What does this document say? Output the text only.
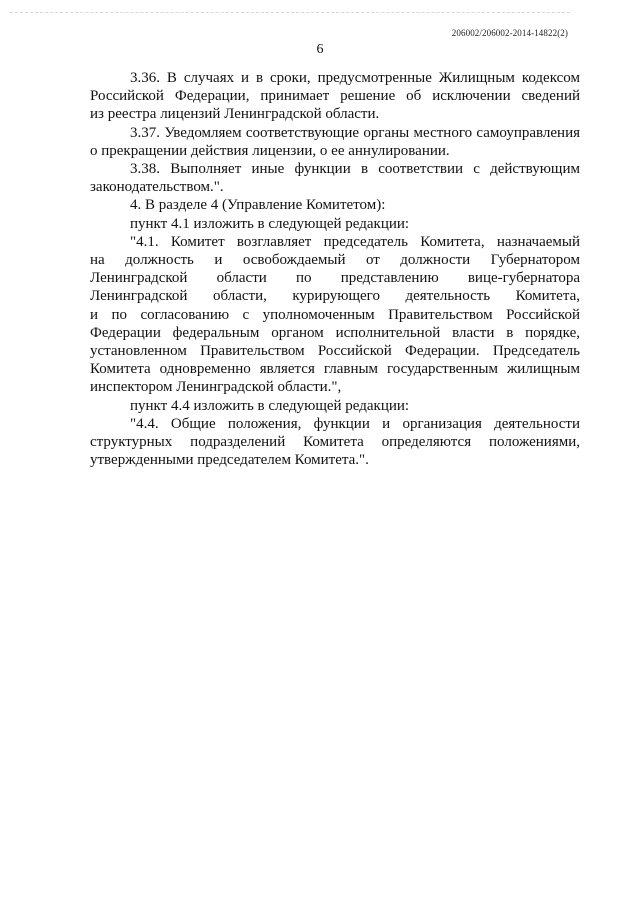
206002/206002-2014-14822(2)
6

3.36. В случаях и в сроки, предусмотренные Жилищным кодексом

Российской Федерации, принимает решение об исключении сведений

из реестра лицензий Ленинградской области.

3.37. Уведомляем соответствующие органы местного самоуправления

о прекращении действия лицензии, о ее аннулировании.

3.38. Выполняет иные функции в соответствии с действующим

законодательством.".

4. В разделе 4 (Управление Комитетом):

пункт 4.1 изложить в следующей редакции:

"4.1. Комитет возглавляет председатель Комитета, назначаемый
на должность и освобождаемый от должности Губернатором
Ленинградской области по представлению вице-губернатора
Ленинградской области, курирующего деятельность Комитета,
и по согласованию с уполномоченным Правительством Российской
Федерации федеральным органом исполнительной власти в порядке,
установленном Правительством Российской Федерации. Председатель
Комитета одновременно является главным государственным жилищным
инспектором Ленинградской области.",

пункт 4.4 изложить в следующей редакции:

"4.4. Общие положения, функции и организация деятельности
структурных подразделений Комитета определяются положениями,
утвержденными председателем Комитета.".
